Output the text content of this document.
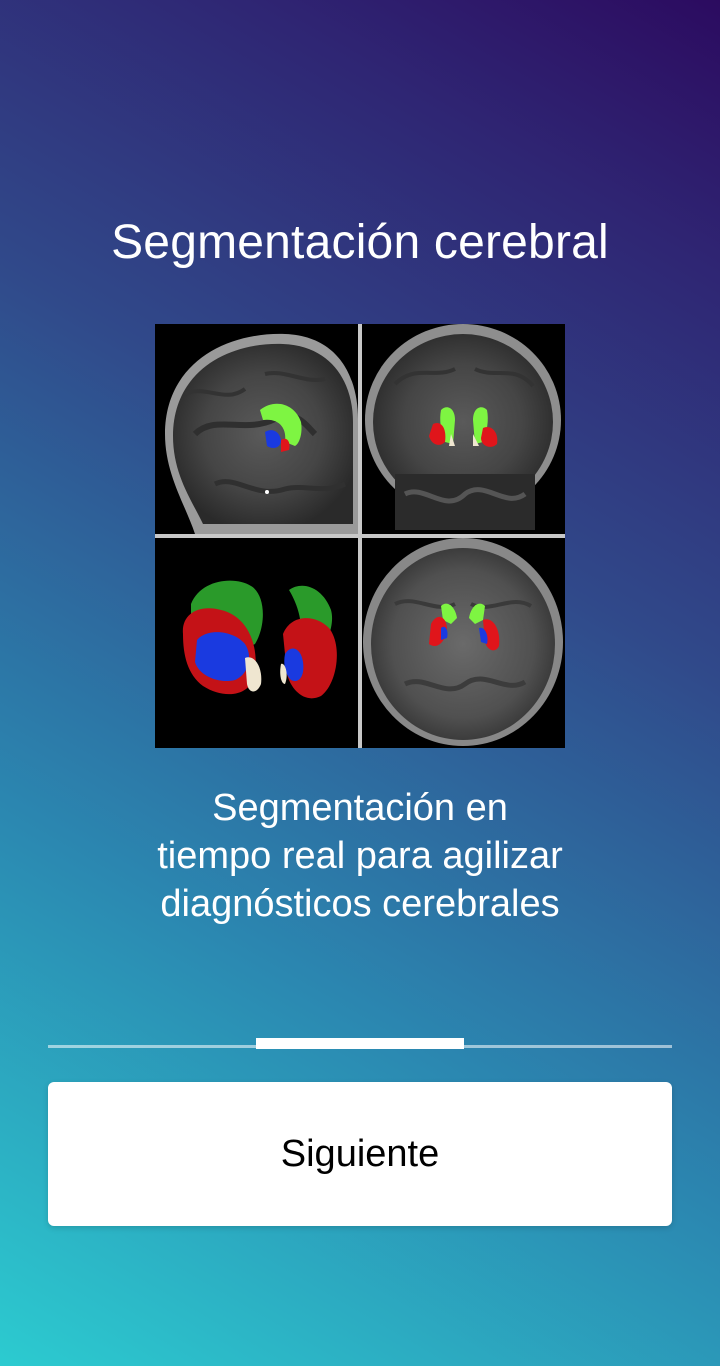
Segmentación cerebral
Segmentación en
tiempo real para agilizar
diagnósticos cerebrales
Siguiente
